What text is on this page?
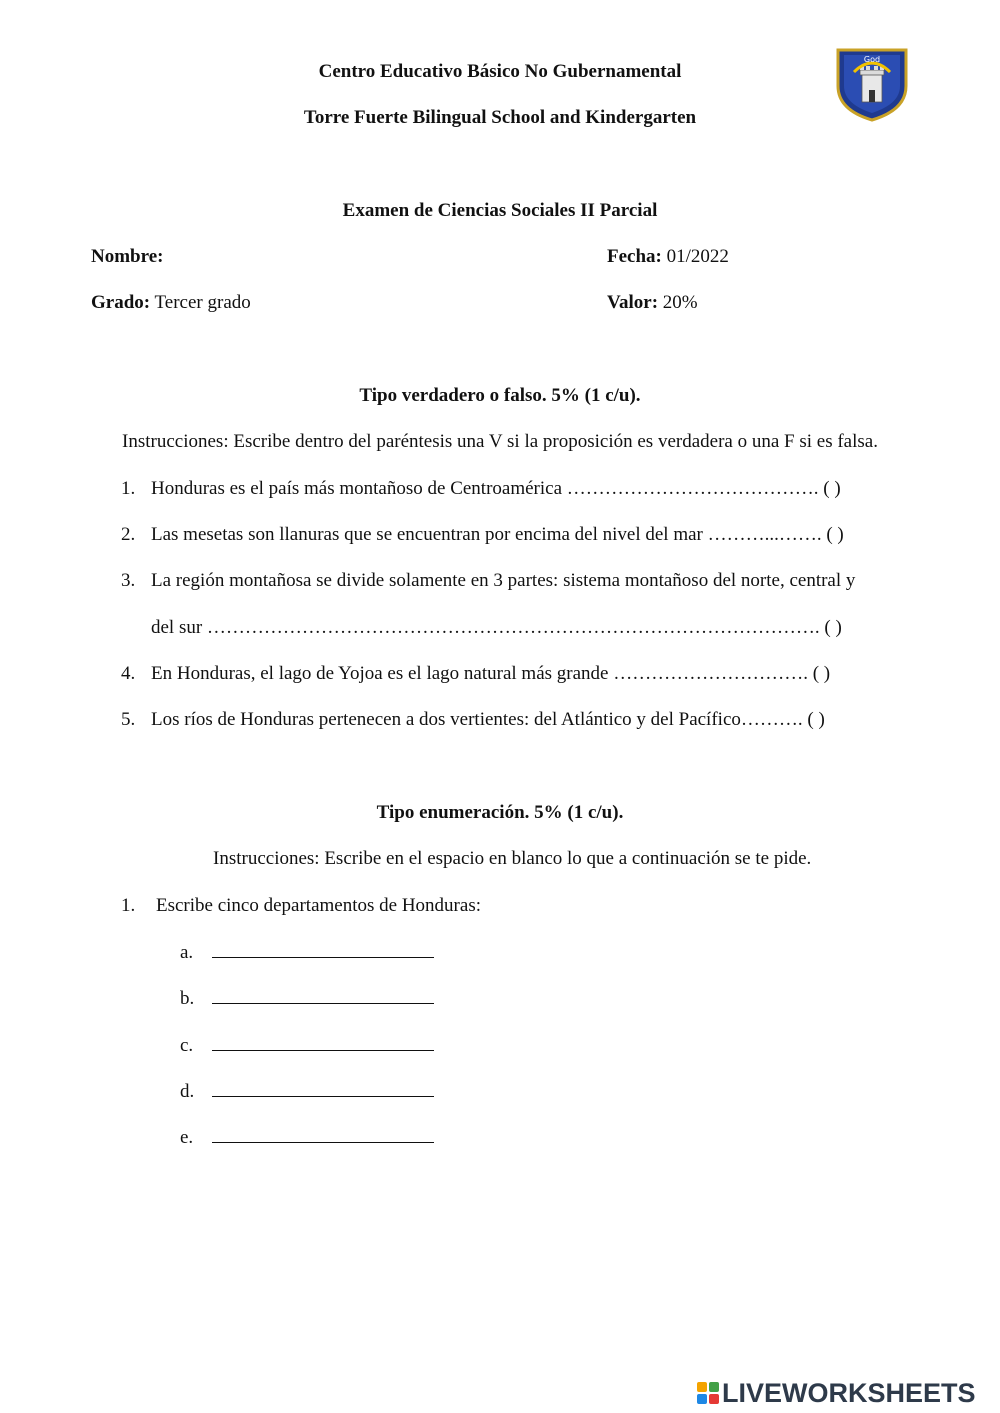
Centro Educativo Básico No Gubernamental
Torre Fuerte Bilingual School and Kindergarten
God
Examen de Ciencias Sociales II Parcial
Nombre:	Fecha: 01/2022
Grado: Tercer grado	Valor: 20%
Tipo verdadero o falso. 5% (1 c/u).
Instrucciones: Escribe dentro del paréntesis una V si la proposición es verdadera o una F si es falsa.
1. Honduras es el país más montañoso de Centroamérica …………………………………. ( )
2. Las mesetas son llanuras que se encuentran por encima del nivel del mar ………...……. ( )
3. La región montañosa se divide solamente en 3 partes: sistema montañoso del norte, central y
del sur ……………………………………………………………………………………. ( )
4. En Honduras, el lago de Yojoa es el lago natural más grande …………………………. ( )
5. Los ríos de Honduras pertenecen a dos vertientes: del Atlántico y del Pacífico………. ( )
Tipo enumeración. 5% (1 c/u).
Instrucciones: Escribe en el espacio en blanco lo que a continuación se te pide.
1. Escribe cinco departamentos de Honduras:
a.
b.
c.
d.
e.
LIVEWORKSHEETS
